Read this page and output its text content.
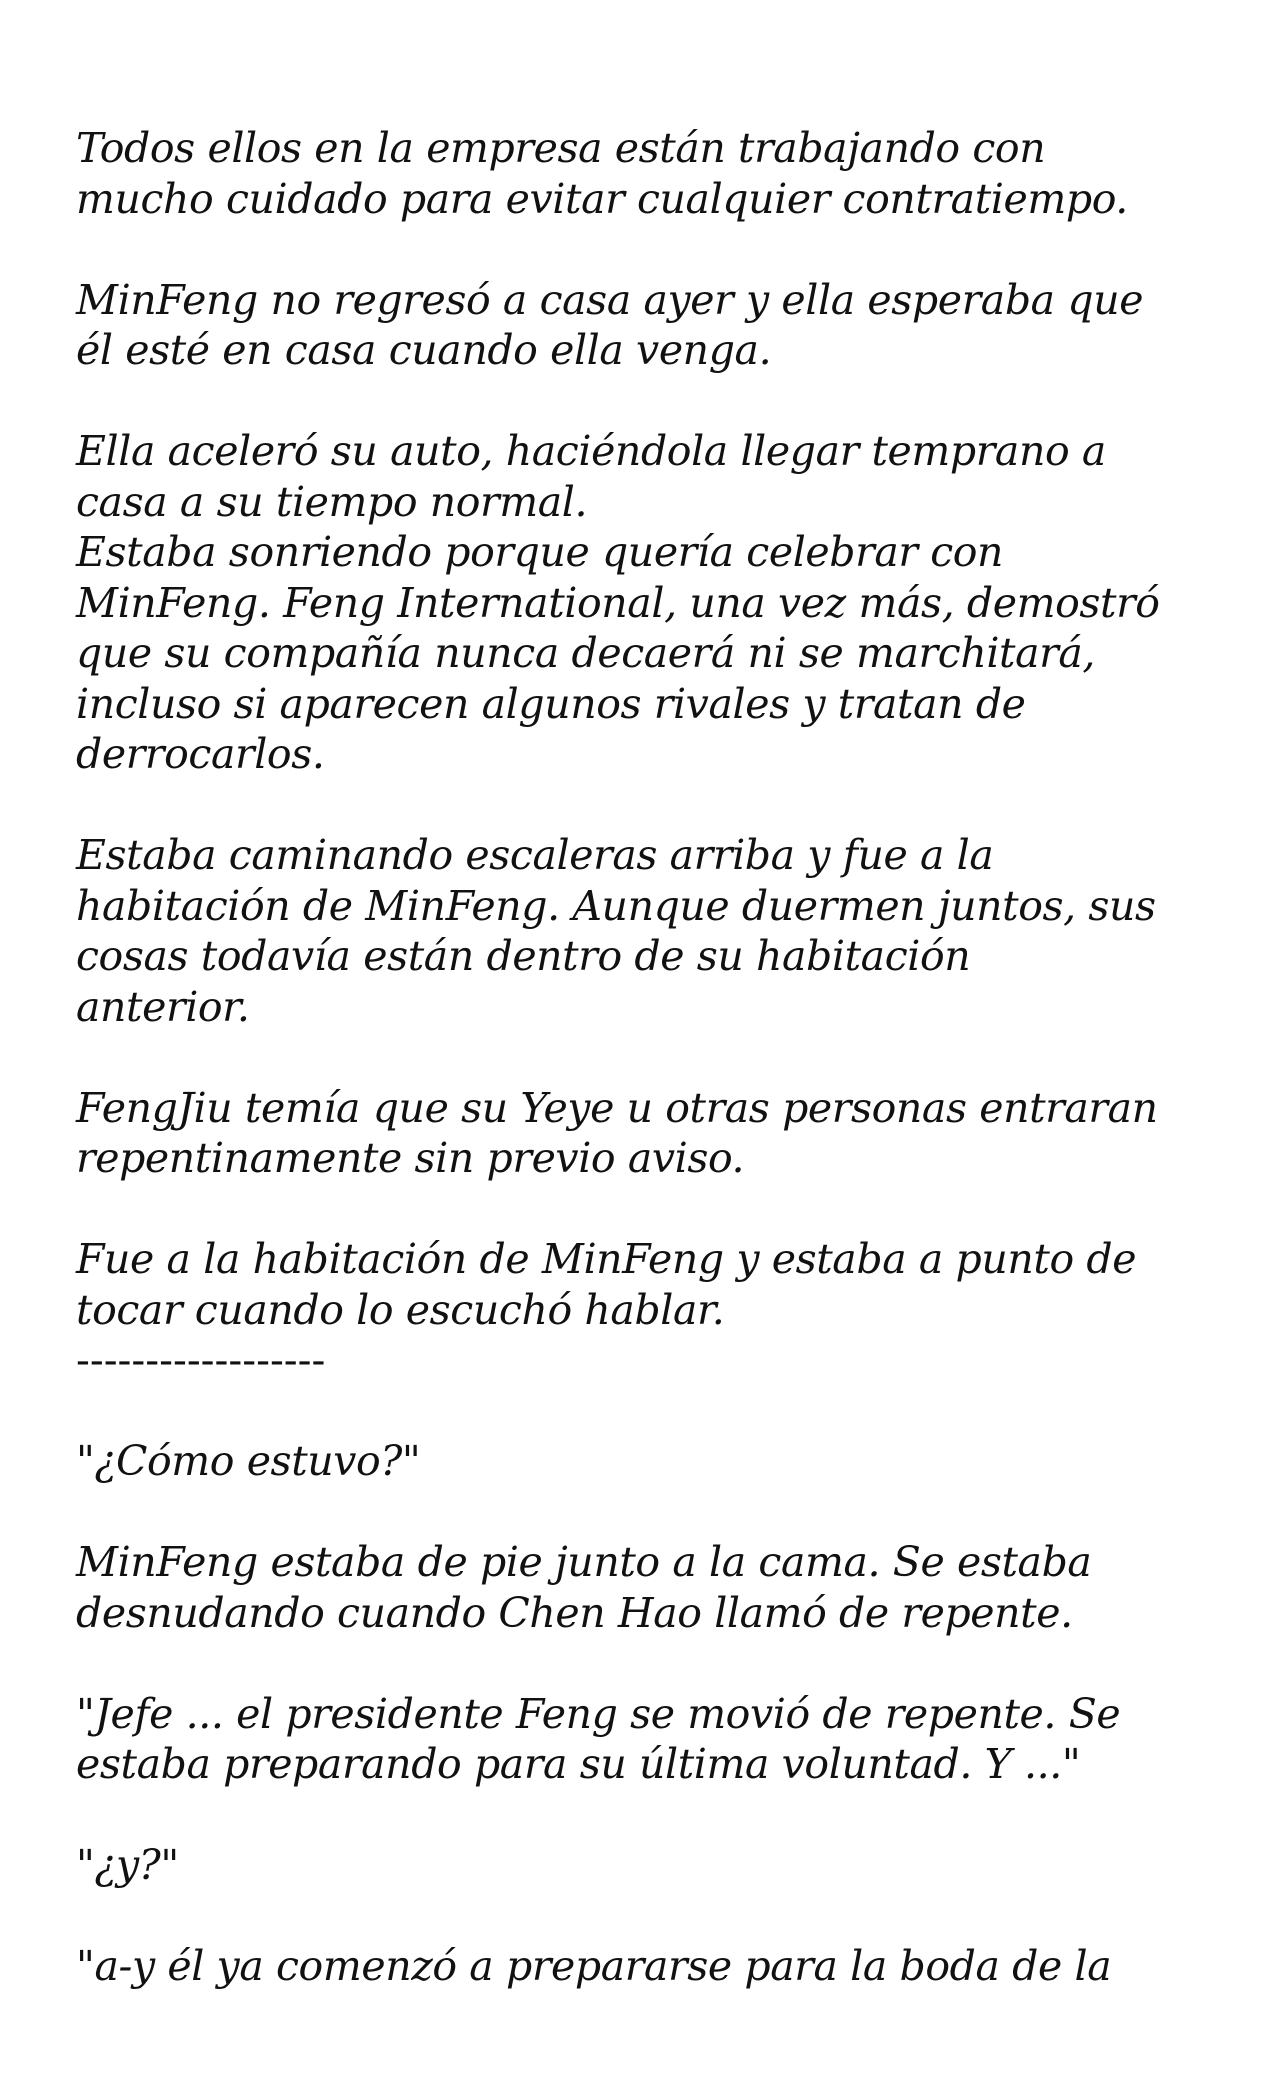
Todos ellos en la empresa están trabajando con
mucho cuidado para evitar cualquier contratiempo.

MinFeng no regresó a casa ayer y ella esperaba que
él esté en casa cuando ella venga.

Ella aceleró su auto, haciéndola llegar temprano a
casa a su tiempo normal.

Estaba sonriendo porque quería celebrar con
MinFeng. Feng International, una vez más, demostró
que su compañía nunca decaerá ni se marchitará,
incluso si aparecen algunos rivales y tratan de
derrocarlos.

Estaba caminando escaleras arriba y fue a la
habitación de MinFeng. Aunque duermen juntos, sus
cosas todavía están dentro de su habitación
anterior.

FengJiu temía que su Yeye u otras personas entraran
repentinamente sin previo aviso.

Fue a la habitación de MinFeng y estaba a punto de
tocar cuando lo escuchó hablar.

------------------

"¿Cómo estuvo?"

MinFeng estaba de pie junto a la cama. Se estaba
desnudando cuando Chen Hao llamó de repente.

"Jefe ... el presidente Feng se movió de repente. Se
estaba preparando para su última voluntad. Y ..."

"¿y?"

"a-y él ya comenzó a prepararse para la boda de la
